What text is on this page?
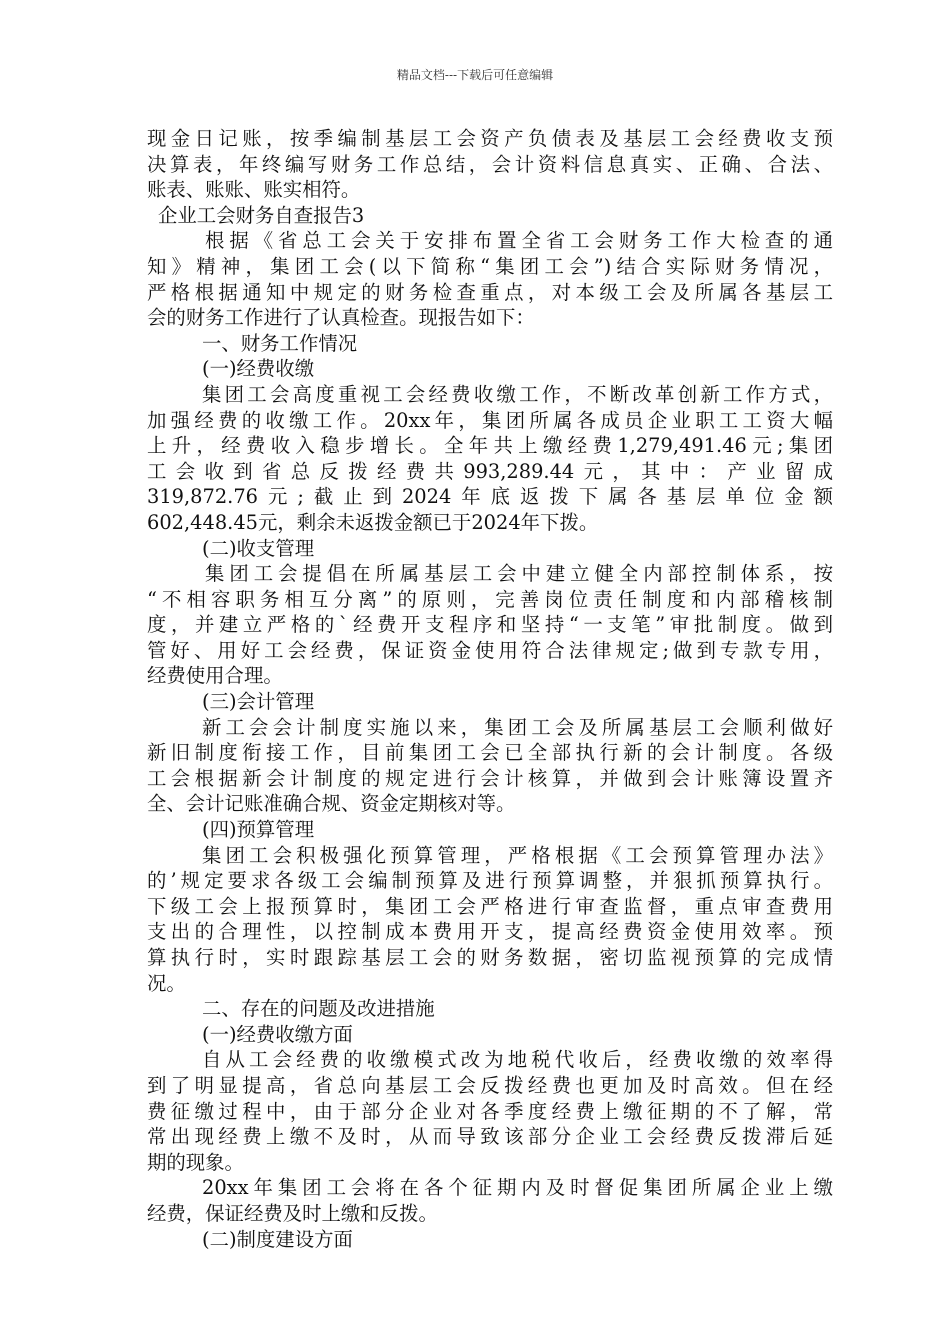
精品文档---下载后可任意编辑
现金日记账，按季编制基层工会资产负债表及基层工会经费收支预
决算表，年终编写财务工作总结，会计资料信息真实、正确、合法、
账表、账账、账实相符。
企业工会财务自查报告3
根据《省总工会关于安排布置全省工会财务工作大检查的通
知》精神，集团工会(以下简称“集团工会”)结合实际财务情况，
严格根据通知中规定的财务检查重点，对本级工会及所属各基层工
会的财务工作进行了认真检查。现报告如下：
一、财务工作情况
(一)经费收缴
集团工会高度重视工会经费收缴工作，不断改革创新工作方式，
加强经费的收缴工作。20xx年，集团所属各成员企业职工工资大幅
上升，经费收入稳步增长。全年共上缴经费1,279,491.46元;集团
工会收到省总反拨经费共993,289.44元，其中：产业留成
319,872.76元;截止到2024年底返拨下属各基层单位金额
602,448.45元，剩余未返拨金额已于2024年下拨。
(二)收支管理
集团工会提倡在所属基层工会中建立健全内部控制体系，按
“不相容职务相互分离”的原则，完善岗位责任制度和内部稽核制
度，并建立严格的`经费开支程序和坚持“一支笔”审批制度。做到
管好、用好工会经费，保证资金使用符合法律规定;做到专款专用，
经费使用合理。
(三)会计管理
新工会会计制度实施以来，集团工会及所属基层工会顺利做好
新旧制度衔接工作，目前集团工会已全部执行新的会计制度。各级
工会根据新会计制度的规定进行会计核算，并做到会计账簿设置齐
全、会计记账准确合规、资金定期核对等。
(四)预算管理
集团工会积极强化预算管理，严格根据《工会预算管理办法》
的’规定要求各级工会编制预算及进行预算调整，并狠抓预算执行。
下级工会上报预算时，集团工会严格进行审查监督，重点审查费用
支出的合理性，以控制成本费用开支，提高经费资金使用效率。预
算执行时，实时跟踪基层工会的财务数据，密切监视预算的完成情
况。
二、存在的问题及改进措施
(一)经费收缴方面
自从工会经费的收缴模式改为地税代收后，经费收缴的效率得
到了明显提高，省总向基层工会反拨经费也更加及时高效。但在经
费征缴过程中，由于部分企业对各季度经费上缴征期的不了解，常
常出现经费上缴不及时，从而导致该部分企业工会经费反拨滞后延
期的现象。
20xx年集团工会将在各个征期内及时督促集团所属企业上缴
经费，保证经费及时上缴和反拨。
(二)制度建设方面
